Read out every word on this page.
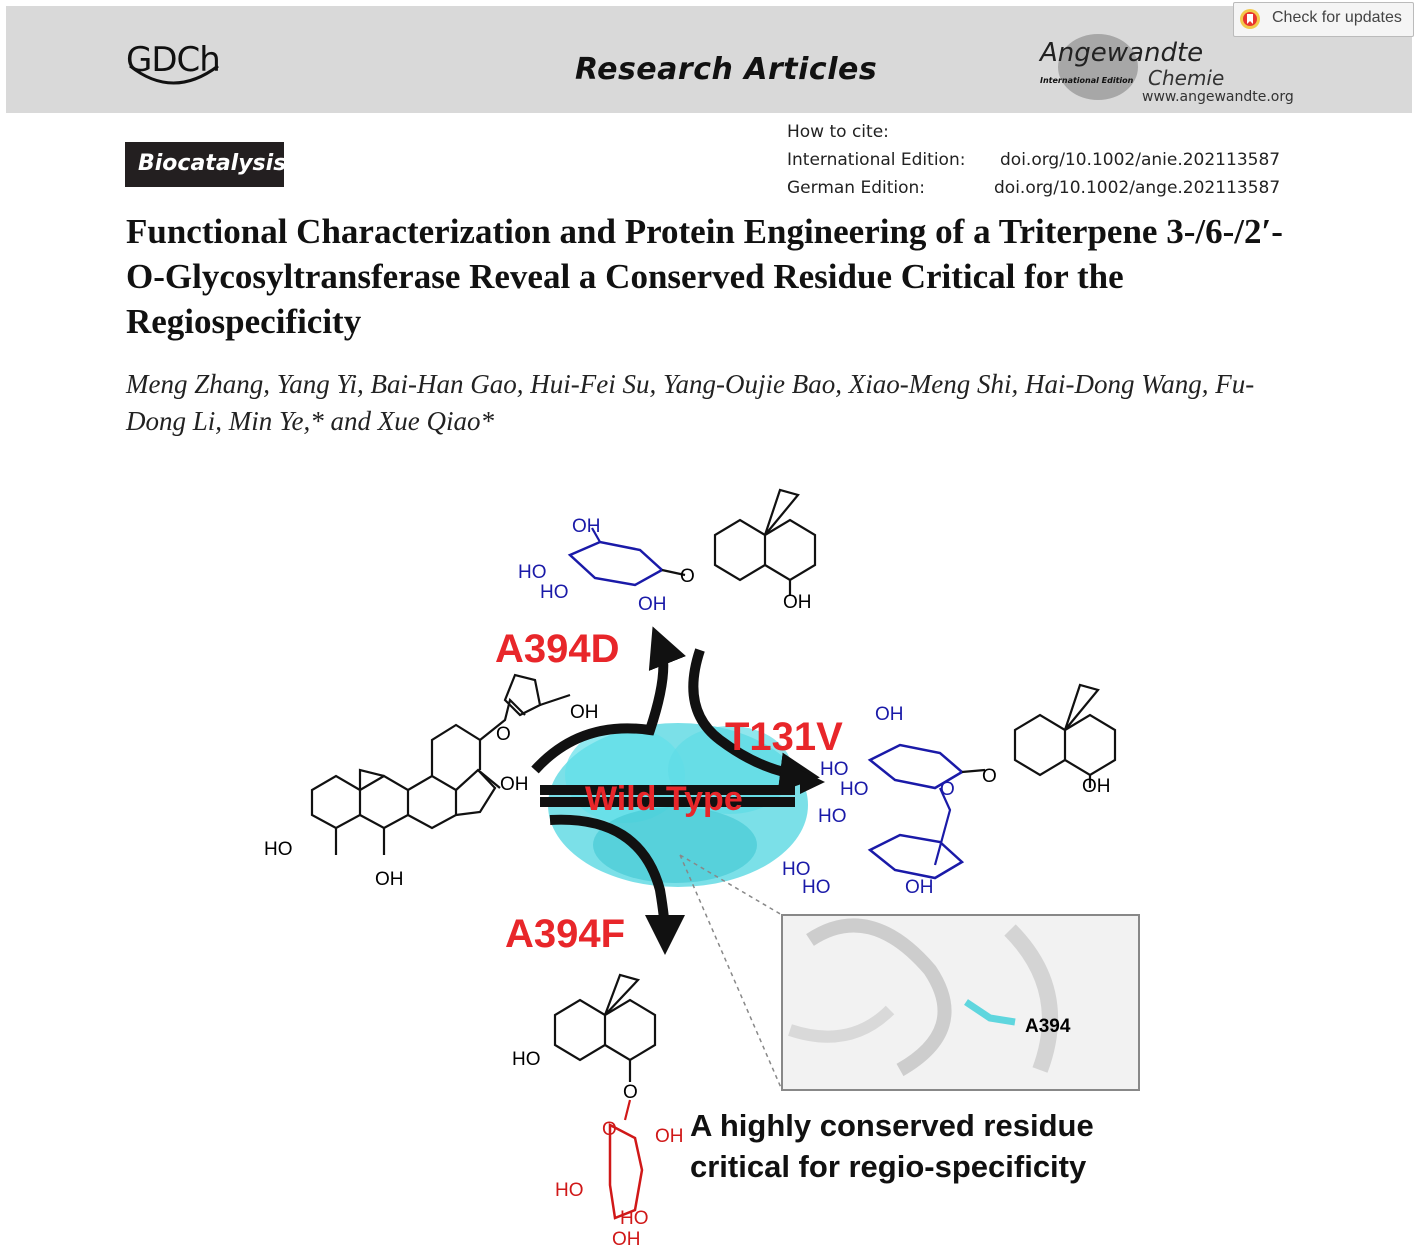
GDCh	Research Articles	Angewandte
International Edition Chemie
www.angewandte.org
Check for updates
Biocatalysis
How to cite:
International Edition: doi.org/10.1002/anie.202113587
German Edition:	doi.org/10.1002/ange.202113587
Functional Characterization and Protein Engineering of a Triterpene 3-/6-/2′-O-Glycosyltransferase Reveal a Conserved Residue Critical for the Regiospecificity

Meng Zhang, Yang Yi, Bai-Han Gao, Hui-Fei Su, Yang-Oujie Bao, Xiao-Meng Shi, Hai-Dong Wang, Fu-Dong Li, Min Ye,* and Xue Qiao*

A394D
T131V
A394F
Wild Type
HO
OH
OH
OH
O
OH
HO
HO
OH
O
OH
OH
HO
HO	O
HO
HO
HO	OH
O	OH
HO
O
O OH
HO
HO
OH
A394
A highly conserved residue
critical for regio-specificity
